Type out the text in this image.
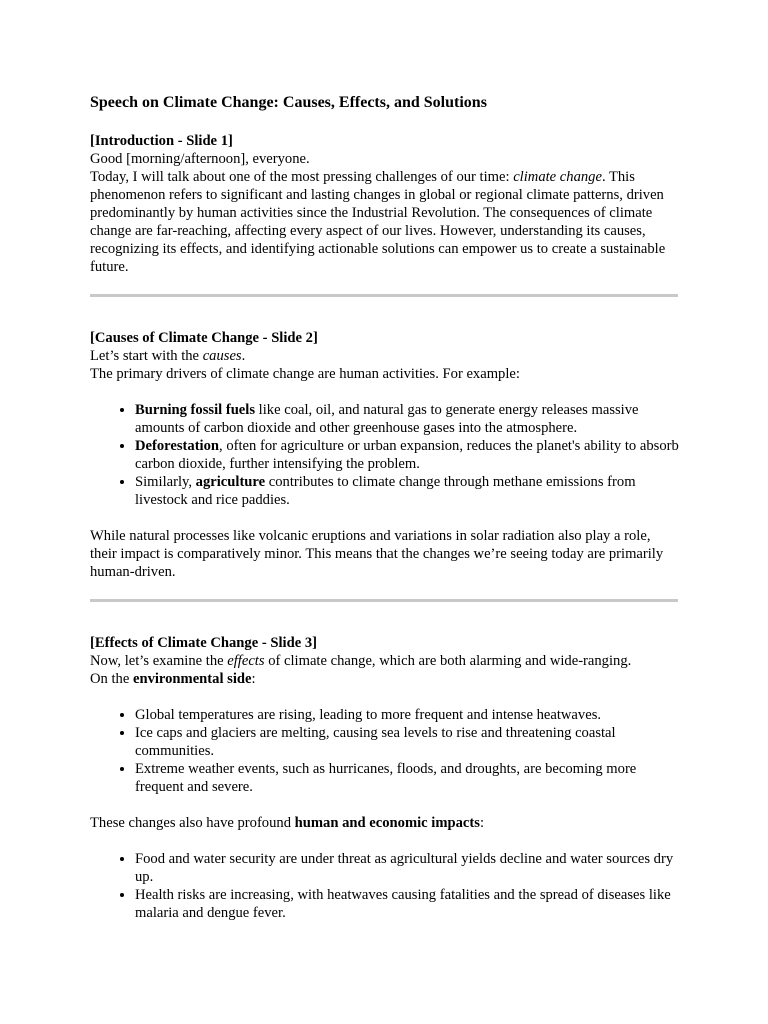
Speech on Climate Change: Causes, Effects, and Solutions

[Introduction - Slide 1]

Good [morning/afternoon], everyone.

Today, I will talk about one of the most pressing challenges of our time: climate change. This phenomenon refers to significant and lasting changes in global or regional climate patterns, driven predominantly by human activities since the Industrial Revolution. The consequences of climate change are far-reaching, affecting every aspect of our lives. However, understanding its causes, recognizing its effects, and identifying actionable solutions can empower us to create a sustainable future.

[Causes of Climate Change - Slide 2]

Let’s start with the causes.

The primary drivers of climate change are human activities. For example:

• Burning fossil fuels like coal, oil, and natural gas to generate energy releases massive amounts of carbon dioxide and other greenhouse gases into the atmosphere.
• Deforestation, often for agriculture or urban expansion, reduces the planet's ability to absorb carbon dioxide, further intensifying the problem.
• Similarly, agriculture contributes to climate change through methane emissions from livestock and rice paddies.

While natural processes like volcanic eruptions and variations in solar radiation also play a role, their impact is comparatively minor. This means that the changes we’re seeing today are primarily human-driven.

[Effects of Climate Change - Slide 3]

Now, let’s examine the effects of climate change, which are both alarming and wide-ranging.

On the environmental side:

• Global temperatures are rising, leading to more frequent and intense heatwaves.
• Ice caps and glaciers are melting, causing sea levels to rise and threatening coastal communities.
• Extreme weather events, such as hurricanes, floods, and droughts, are becoming more frequent and severe.

These changes also have profound human and economic impacts:

• Food and water security are under threat as agricultural yields decline and water sources dry up.
• Health risks are increasing, with heatwaves causing fatalities and the spread of diseases like malaria and dengue fever.
